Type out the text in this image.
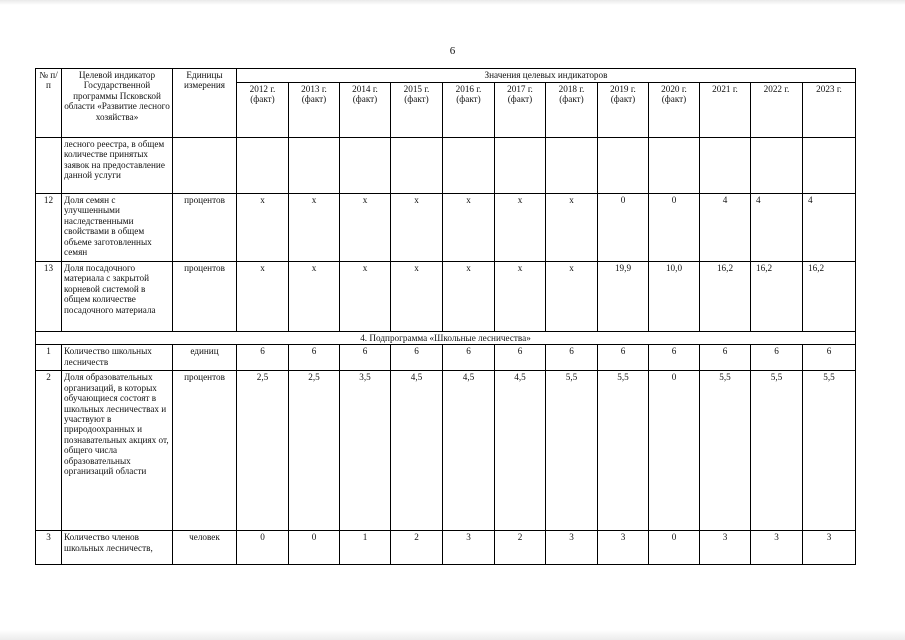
6
№ п/п	Целевой индикатор Государственной программы Псковской области «Развитие лесного хозяйства»	Единицы измерения	Значения целевых индикаторов											
			2012 г. (факт)	2013 г. (факт)	2014 г. (факт)	2015 г. (факт)	2016 г. (факт)	2017 г. (факт)	2018 г. (факт)	2019 г. (факт)	2020 г. (факт)	2021 г.	2022 г.	2023 г.
	лесного реестра, в общем количестве принятых заявок на предоставление данной услуги													
12	Доля семян с улучшенными наследственными свойствами в общем объеме заготовленных семян	процентов	х	х	х	х	х	х	х	0	0	4	4	4
13	Доля посадочного материала с закрытой корневой системой в общем количестве посадочного материала	процентов	х	х	х	х	х	х	х	19,9	10,0	16,2	16,2	16,2
4. Подпрограмма «Школьные лесничества»														
1	Количество школьных лесничеств	единиц	6	6	6	6	6	6	6	6	6	6	6	6
2	Доля образовательных организаций, в которых обучающиеся состоят в школьных лесничествах и участвуют в природоохранных и познавательных акциях от, общего числа образовательных организаций области	процентов	2,5	2,5	3,5	4,5	4,5	4,5	5,5	5,5	0	5,5	5,5	5,5
3	Количество членов школьных лесничеств,	человек	0	0	1	2	3	2	3	3	0	3	3	3
